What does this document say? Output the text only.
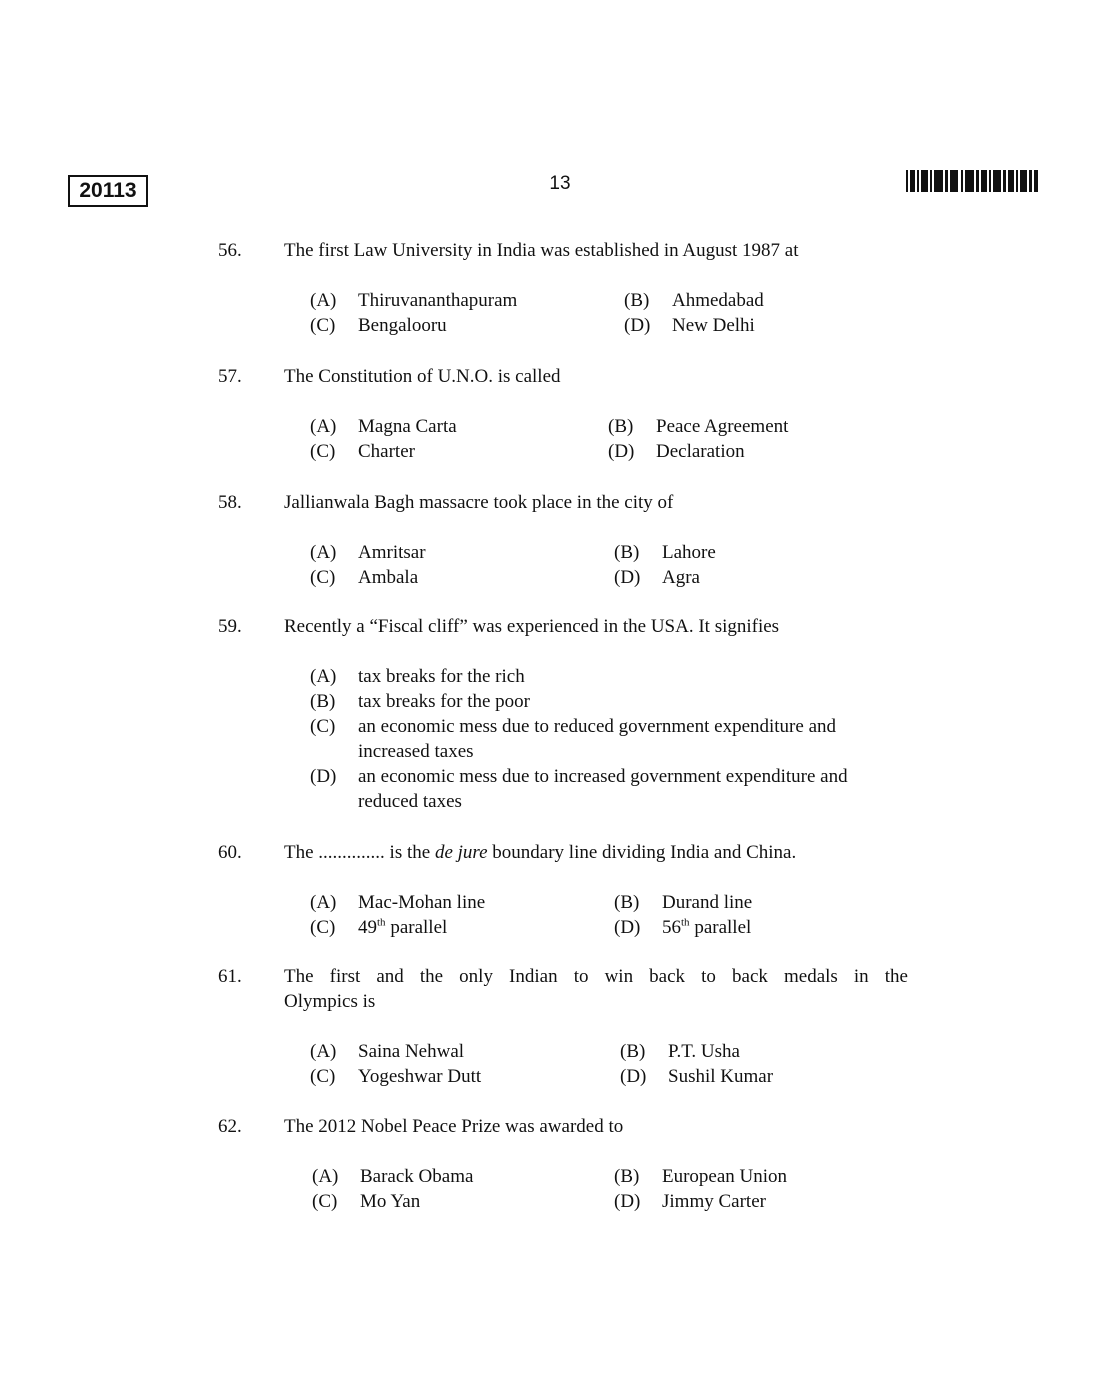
20113	13
56. The first Law University in India was established in August 1987 at
(A) Thiruvananthapuram	(B) Ahmedabad
(C) Bengalooru	(D) New Delhi
57. The Constitution of U.N.O. is called
(A) Magna Carta	(B) Peace Agreement
(C) Charter	(D) Declaration
58. Jallianwala Bagh massacre took place in the city of
(A) Amritsar	(B) Lahore
(C) Ambala	(D) Agra
59. Recently a “Fiscal cliff” was experienced in the USA. It signifies
(A) tax breaks for the rich
(B) tax breaks for the poor
(C) an economic mess due to reduced government expenditure and increased taxes
(D) an economic mess due to increased government expenditure and reduced taxes
60. The .............. is the de jure boundary line dividing India and China.
(A) Mac-Mohan line	(B) Durand line
(C) 49th parallel	(D) 56th parallel
61. The first and the only Indian to win back to back medals in the
Olympics is
(A) Saina Nehwal	(B) P.T. Usha
(C) Yogeshwar Dutt	(D) Sushil Kumar
62. The 2012 Nobel Peace Prize was awarded to
(A) Barack Obama	(B) European Union
(C) Mo Yan	(D) Jimmy Carter
